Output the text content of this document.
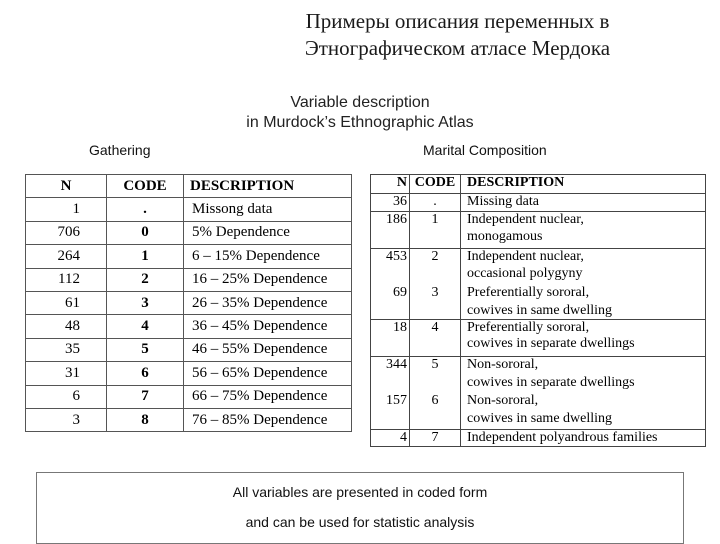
Примеры описания переменных в
Этнографическом атласе Мердока
Variable description
in Murdock’s Ethnographic Atlas
Gathering	Marital Composition
N	CODE	DESCRIPTION
1	.	Missong data
706	0	5% Dependence
264	1	6 – 15% Dependence
112	2	16 – 25% Dependence
61	3	26 – 35% Dependence
48	4	36 – 45% Dependence
35	5	46 – 55% Dependence
31	6	56 – 65% Dependence
6	7	66 – 75% Dependence
3	8	76 – 85% Dependence
N	CODE	DESCRIPTION
36	.	Missing data
186	1	Independent nuclear,
		monogamous
453	2	Independent nuclear,
		occasional polygyny
69	3	Preferentially sororal,
		cowives in same dwelling
18	4	Preferentially sororal,
		cowives in separate dwellings
344	5	Non-sororal,
		cowives in separate dwellings
157	6	Non-sororal,
		cowives in same dwelling
4	7	Independent polyandrous families
All variables are presented in coded form
and can be used for statistic analysis
